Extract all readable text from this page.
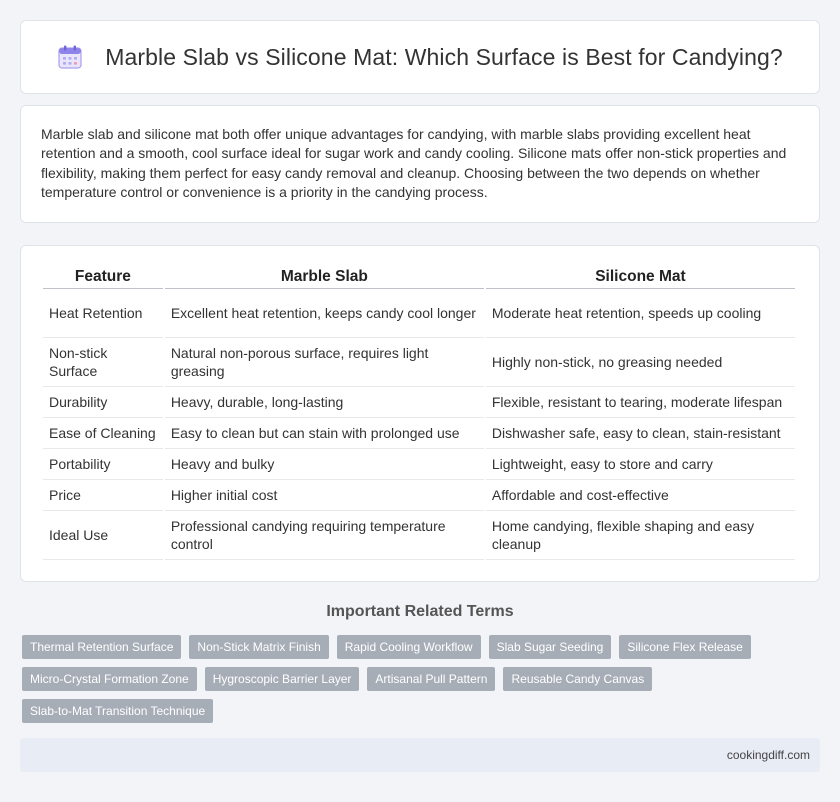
Marble Slab vs Silicone Mat: Which Surface is Best for Candying?

Marble slab and silicone mat both offer unique advantages for candying, with marble slabs providing excellent heat retention and a smooth, cool surface ideal for sugar work and candy cooling. Silicone mats offer non-stick properties and flexibility, making them perfect for easy candy removal and cleanup. Choosing between the two depends on whether temperature control or convenience is a priority in the candying process.

Feature	Marble Slab	Silicone Mat
Heat Retention	Excellent heat retention, keeps candy cool longer	Moderate heat retention, speeds up cooling
Non-stick Surface	Natural non-porous surface, requires light greasing	Highly non-stick, no greasing needed
Durability	Heavy, durable, long-lasting	Flexible, resistant to tearing, moderate lifespan
Ease of Cleaning	Easy to clean but can stain with prolonged use	Dishwasher safe, easy to clean, stain-resistant
Portability	Heavy and bulky	Lightweight, easy to store and carry
Price	Higher initial cost	Affordable and cost-effective
Ideal Use	Professional candying requiring temperature control	Home candying, flexible shaping and easy cleanup
Important Related Terms
Thermal Retention Surface	Non-Stick Matrix Finish	Rapid Cooling Workflow	Slab Sugar Seeding	Silicone Flex Release
Micro-Crystal Formation Zone	Hygroscopic Barrier Layer	Artisanal Pull Pattern	Reusable Candy Canvas
Slab-to-Mat Transition Technique
cookingdiff.com
